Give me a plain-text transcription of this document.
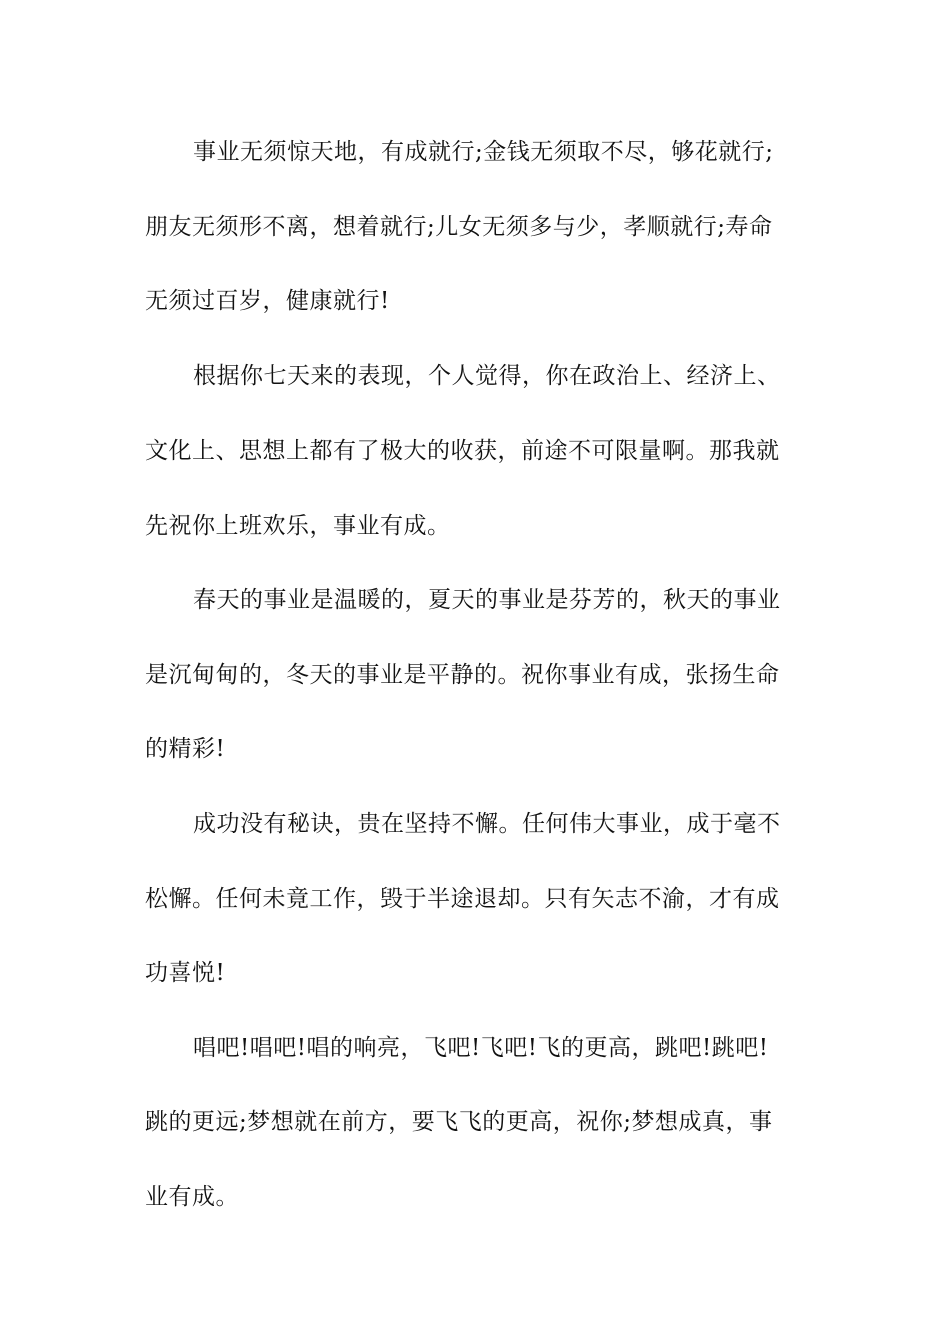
事业无须惊天地，有成就行;金钱无须取不尽，够花就行;
朋友无须形不离，想着就行;儿女无须多与少，孝顺就行;寿命
无须过百岁，健康就行!
根据你七天来的表现，个人觉得，你在政治上、经济上、
文化上、思想上都有了极大的收获，前途不可限量啊。那我就
先祝你上班欢乐，事业有成。
春天的事业是温暖的，夏天的事业是芬芳的，秋天的事业
是沉甸甸的，冬天的事业是平静的。祝你事业有成，张扬生命
的精彩!
成功没有秘诀，贵在坚持不懈。任何伟大事业，成于毫不
松懈。任何未竟工作，毁于半途退却。只有矢志不渝，才有成
功喜悦!
唱吧!唱吧!唱的响亮，飞吧!飞吧!飞的更高，跳吧!跳吧!
跳的更远;梦想就在前方，要飞飞的更高，祝你;梦想成真，事
业有成。
